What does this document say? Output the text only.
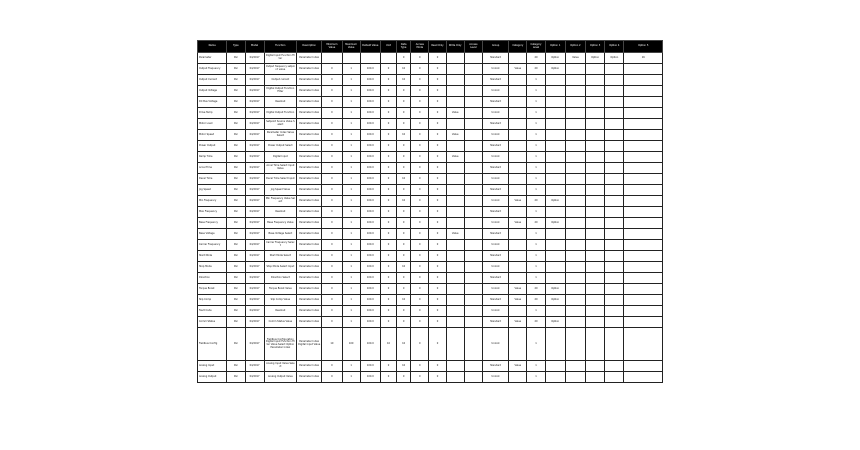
Name	Type	Model	Function	Description	Minimum Value	Maximum Value	Default Value	Unit	Data Type	Access Mode	Read Only	Write Only	Access Level	Group	Category	Category Level	Option 1	Option 2	Option 3	Option 4	Option 5
Parameter	Par	04/2017	Digital Input Function Filter	Parameter Index					0	0	0			Standard		20	Option	Value	Option	Option	16
Output Frequency	Par	04/2017	Output frequency setpoint value	Parameter Index	0	1	100.0	0	10	0	0			Unlock	Value	20	Option				
Output Current	Par	04/2017	Output current	Parameter Index	0	1	100.0	0	10	0	0			Standard		1					
Output Voltage	Par	04/2017	Digital Output Function Filter	Parameter Index	0	1	100.0	0	0	0	0			Unlock		1					
DC Bus Voltage	Par	04/2017	Readout	Parameter Index	0	1	100.0	0	0	0	0			Standard		1					
Drive Temp	Par	04/2017	Digital Output Function	Parameter Index	0	1	100.0	0	0	0	0	Value		Unlock		1					
Motor Load	Par	04/2017	Setpoint Source Value Select	Parameter Index	0	1	100.0	0	0	0	0			Standard		1					
Motor Speed	Par	04/2017	Parameter Index Value Select	Parameter Index	0	1	100.0	0	10	0	0	Value		Unlock		1					
Power Output	Par	04/2017	Power Output Select	Parameter Index	0	1	100.0	0	0	0	0			Standard		1					
Ramp Time	Par	04/2017	Digital Input	Parameter Index	0	1	100.0	0	0	0	0	Value		Unlock		1					
Accel Time	Par	04/2017	Accel Time Select Input Value	Parameter Index	0	1	100.0	0	0	0	0			Standard		1					
Decel Time	Par	04/2017	Decel Time Select Input	Parameter Index	0	1	100.0	0	10	0	0			Unlock		1					
Jog Speed	Par	04/2017	Jog Speed Value	Parameter Index	0	1	100.0	0	0	0	0			Standard		1					
Min Frequency	Par	04/2017	Min Frequency Value Select	Parameter Index	0	1	100.0	0	10	0	0			Unlock	Value	20	Option				
Max Frequency	Par	04/2017	Readout	Parameter Index	0	1	100.0	0	0	0	0			Standard		1					
Base Frequency	Par	04/2017	Base Frequency Value	Parameter Index	0	1	100.0	0	0	0	0			Unlock	Value	20	Option				
Base Voltage	Par	04/2017	Base Voltage Select	Parameter Index	0	1	100.0	0	0	0	0	Value		Standard		1					
Carrier Frequency	Par	04/2017	Carrier Frequency Select	Parameter Index	0	1	100.0	0	0	0	0			Unlock		1					
Start Mode	Par	04/2017	Start Mode Select	Parameter Index	0	1	100.0	0	0	0	0			Standard		1					
Stop Mode	Par	04/2017	Stop Mode Select Input	Parameter Index	0	1	100.0	0	10	0	0			Unlock		1					
Direction	Par	04/2017	Direction Select	Parameter Index	0	1	100.0	0	0	0	0			Standard		1					
Torque Boost	Par	04/2017	Torque Boost Value	Parameter Index	0	1	100.0	0	0	0	0			Unlock	Value	20	Option				
Slip Comp	Par	04/2017	Slip Comp Value	Parameter Index	0	1	100.0	0	10	0	0			Standard	Value	20	Option				
Fault Code	Par	04/2017	Readout	Parameter Index	0	1	100.0	0	0	0	0			Unlock		1					
Comm Status	Par	04/2017	Comm Status Value	Parameter Index	0	1	100.0	0	0	0	0			Standard	Value	20	Option				
Fieldbus Config	Par	04/2017	Fieldbus Configuration Digital Input Function Filter Value Select Option Parameter Index	Parameter Index Digital Input Value	10	100	100.0	10	10	0	0			Unlock		1					
Analog Input	Par	04/2017	Analog Input Value Select	Parameter Index	0	1	100.0	0	10	0	0			Standard	Value	1					
Analog Output	Par	04/2017	Analog Output Value	Parameter Index	0	1	100.0	0	0	0	0			Unlock		1					
